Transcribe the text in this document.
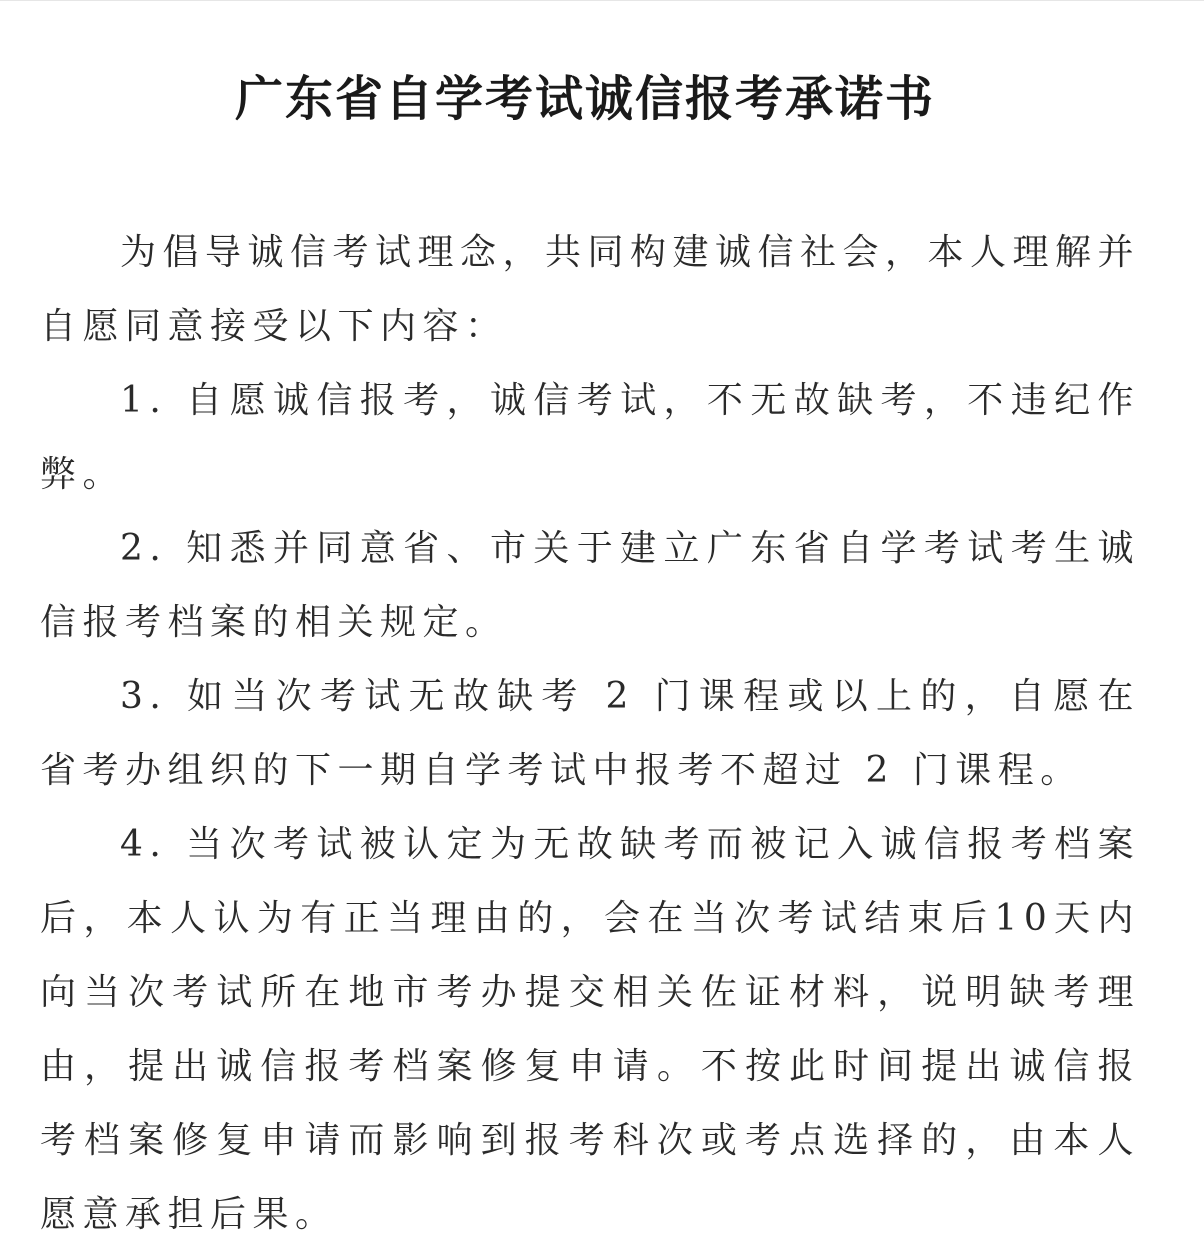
广东省自学考试诚信报考承诺书

为倡导诚信考试理念，共同构建诚信社会，本人理解并自愿同意接受以下内容：

1. 自愿诚信报考，诚信考试，不无故缺考，不违纪作弊。

2. 知悉并同意省、市关于建立广东省自学考试考生诚信报考档案的相关规定。

3. 如当次考试无故缺考 2 门课程或以上的，自愿在省考办组织的下一期自学考试中报考不超过 2 门课程。

4. 当次考试被认定为无故缺考而被记入诚信报考档案后，本人认为有正当理由的，会在当次考试结束后10天内向当次考试所在地市考办提交相关佐证材料，说明缺考理由，提出诚信报考档案修复申请。不按此时间提出诚信报考档案修复申请而影响到报考科次或考点选择的，由本人愿意承担后果。
